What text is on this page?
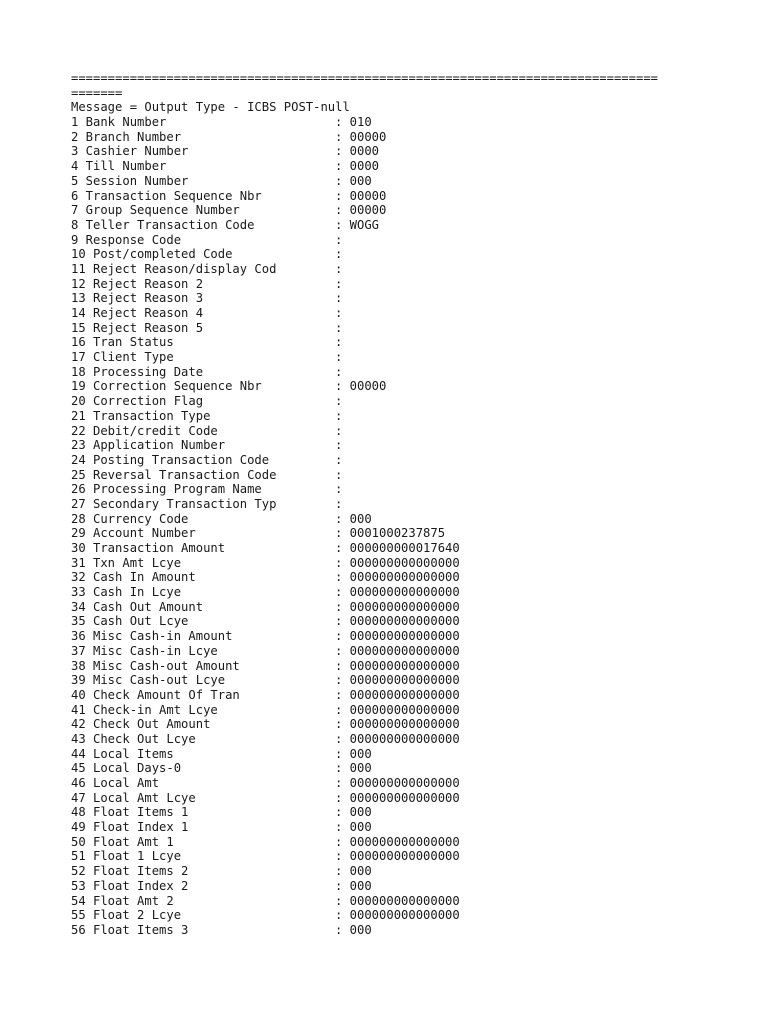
================================================================================
=======
Message = Output Type - ICBS POST-null
1 Bank Number	: 010
2 Branch Number	: 00000
3 Cashier Number	: 0000
4 Till Number	: 0000
5 Session Number	: 000
6 Transaction Sequence Nbr	: 00000
7 Group Sequence Number	: 00000
8 Teller Transaction Code	: WOGG
9 Response Code	:
10 Post/completed Code	:
11 Reject Reason/display Cod	:
12 Reject Reason 2	:
13 Reject Reason 3	:
14 Reject Reason 4	:
15 Reject Reason 5	:
16 Tran Status	:
17 Client Type	:
18 Processing Date	:
19 Correction Sequence Nbr	: 00000
20 Correction Flag	:
21 Transaction Type	:
22 Debit/credit Code	:
23 Application Number	:
24 Posting Transaction Code	:
25 Reversal Transaction Code	:
26 Processing Program Name	:
27 Secondary Transaction Typ	:
28 Currency Code	: 000
29 Account Number	: 0001000237875
30 Transaction Amount	: 000000000017640
31 Txn Amt Lcye	: 000000000000000
32 Cash In Amount	: 000000000000000
33 Cash In Lcye	: 000000000000000
34 Cash Out Amount	: 000000000000000
35 Cash Out Lcye	: 000000000000000
36 Misc Cash-in Amount	: 000000000000000
37 Misc Cash-in Lcye	: 000000000000000
38 Misc Cash-out Amount	: 000000000000000
39 Misc Cash-out Lcye	: 000000000000000
40 Check Amount Of Tran	: 000000000000000
41 Check-in Amt Lcye	: 000000000000000
42 Check Out Amount	: 000000000000000
43 Check Out Lcye	: 000000000000000
44 Local Items	: 000
45 Local Days-0	: 000
46 Local Amt	: 000000000000000
47 Local Amt Lcye	: 000000000000000
48 Float Items 1	: 000
49 Float Index 1	: 000
50 Float Amt 1	: 000000000000000
51 Float 1 Lcye	: 000000000000000
52 Float Items 2	: 000
53 Float Index 2	: 000
54 Float Amt 2	: 000000000000000
55 Float 2 Lcye	: 000000000000000
56 Float Items 3	: 000
